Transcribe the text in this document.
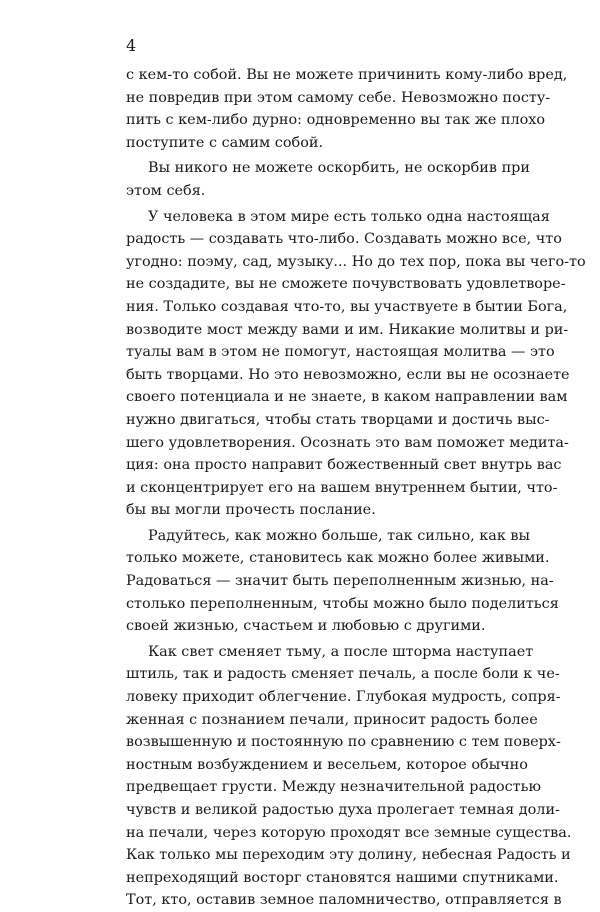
4
с кем-то собой. Вы не можете причинить кому-либо вред,
не повредив при этом самому себе. Невозможно посту-
пить с кем-либо дурно: одновременно вы так же плохо
поступите с самим собой.
Вы никого не можете оскорбить, не оскорбив при
этом себя.
У человека в этом мире есть только одна настоящая
радость — создавать что-либо. Создавать можно все, что
угодно: поэму, сад, музыку... Но до тех пор, пока вы чего-то
не создадите, вы не сможете почувствовать удовлетворе-
ния. Только создавая что-то, вы участвуете в бытии Бога,
возводите мост между вами и им. Никакие молитвы и ри-
туалы вам в этом не помогут, настоящая молитва — это
быть творцами. Но это невозможно, если вы не осознаете
своего потенциала и не знаете, в каком направлении вам
нужно двигаться, чтобы стать творцами и достичь выс-
шего удовлетворения. Осознать это вам поможет медита-
ция: она просто направит божественный свет внутрь вас
и сконцентрирует его на вашем внутреннем бытии, что-
бы вы могли прочесть послание.
Радуйтесь, как можно больше, так сильно, как вы
только можете, становитесь как можно более живыми.
Радоваться — значит быть переполненным жизнью, на-
столько переполненным, чтобы можно было поделиться
своей жизнью, счастьем и любовью с другими.
Как свет сменяет тьму, а после шторма наступает
штиль, так и радость сменяет печаль, а после боли к че-
ловеку приходит облегчение. Глубокая мудрость, сопря-
женная с познанием печали, приносит радость более
возвышенную и постоянную по сравнению с тем поверх-
ностным возбуждением и весельем, которое обычно
предвещает грусти. Между незначительной радостью
чувств и великой радостью духа пролегает темная доли-
на печали, через которую проходят все земные существа.
Как только мы переходим эту долину, небесная Радость и
непреходящий восторг становятся нашими спутниками.
Тот, кто, оставив земное паломничество, отправляется в
